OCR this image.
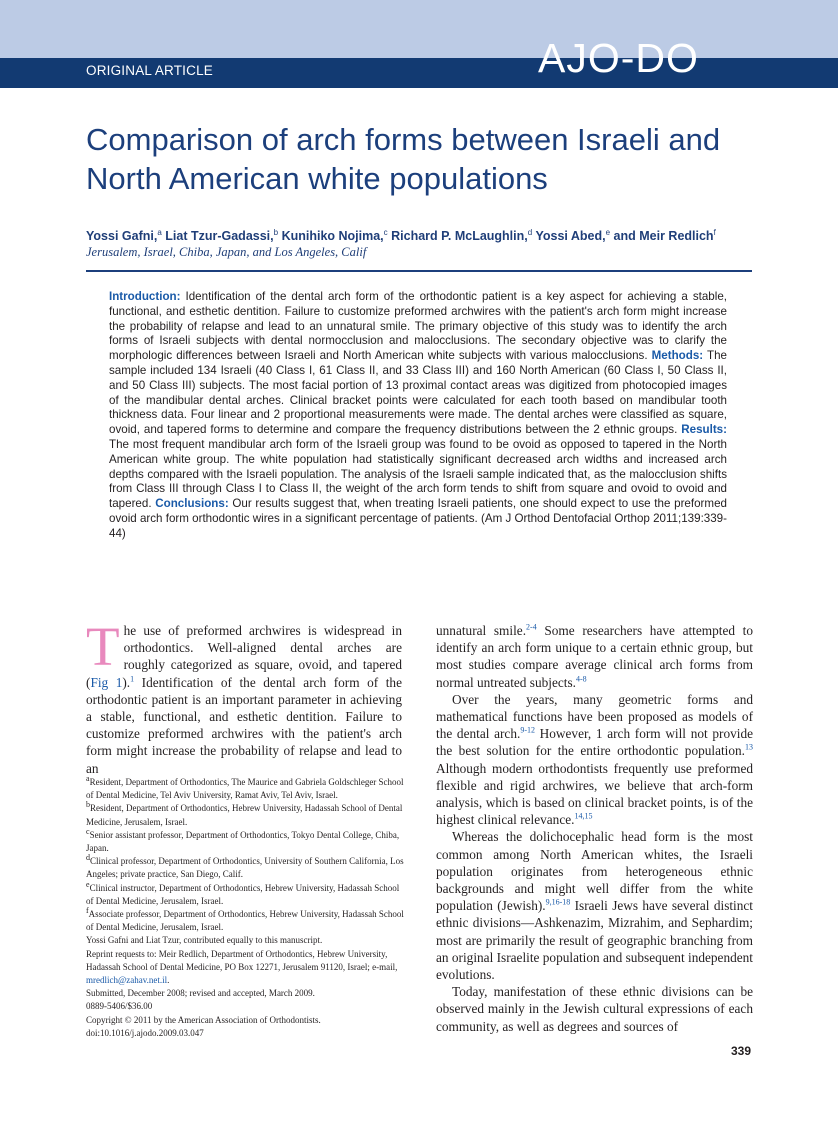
ORIGINAL ARTICLE	AJO-DO
Comparison of arch forms between Israeli and
North American white populations
Yossi Gafni,$^a$ Liat Tzur-Gadassi,$^b$ Kunihiko Nojima,$^c$ Richard P. McLaughlin,$^d$ Yossi Abed,$^e$ and Meir Redlich$^f$
Jerusalem, Israel, Chiba, Japan, and Los Angeles, Calif

Introduction: Identification of the dental arch form of the orthodontic patient is a key aspect for achieving a stable, functional, and esthetic dentition. Failure to customize preformed archwires with the patient's arch form might increase the probability of relapse and lead to an unnatural smile. The primary objective of this study was to identify the arch forms of Israeli subjects with dental normocclusion and malocclusions. The secondary objective was to clarify the morphologic differences between Israeli and North American white subjects with various malocclusions. Methods: The sample included 134 Israeli (40 Class I, 61 Class II, and 33 Class III) and 160 North American (60 Class I, 50 Class II, and 50 Class III) subjects. The most facial portion of 13 proximal contact areas was digitized from photocopied images of the mandibular dental arches. Clinical bracket points were calculated for each tooth based on mandibular tooth thickness data. Four linear and 2 proportional measurements were made. The dental arches were classified as square, ovoid, and tapered forms to determine and compare the frequency distributions between the 2 ethnic groups. Results: The most frequent mandibular arch form of the Israeli group was found to be ovoid as opposed to tapered in the North American white group. The white population had statistically significant decreased arch widths and increased arch depths compared with the Israeli population. The analysis of the Israeli sample indicated that, as the malocclusion shifts from Class III through Class I to Class II, the weight of the arch form tends to shift from square and ovoid to ovoid and tapered. Conclusions: Our results suggest that, when treating Israeli patients, one should expect to use the preformed ovoid arch form orthodontic wires in a significant percentage of patients. (Am J Orthod Dentofacial Orthop 2011;139:339-44)

The use of preformed archwires is widespread in orthodontics. Well-aligned dental arches are roughly categorized as square, ovoid, and tapered (Fig 1).$^1$ Identification of the dental arch form of the orthodontic patient is an important parameter in achieving a stable, functional, and esthetic dentition. Failure to customize preformed archwires with the patient's arch form might increase the probability of relapse and lead to an

$^a$Resident, Department of Orthodontics, The Maurice and Gabriela Goldschleger School of Dental Medicine, Tel Aviv University, Ramat Aviv, Tel Aviv, Israel.
$^b$Resident, Department of Orthodontics, Hebrew University, Hadassah School of Dental Medicine, Jerusalem, Israel.
$^c$Senior assistant professor, Department of Orthodontics, Tokyo Dental College, Chiba, Japan.
$^d$Clinical professor, Department of Orthodontics, University of Southern California, Los Angeles; private practice, San Diego, Calif.
$^e$Clinical instructor, Department of Orthodontics, Hebrew University, Hadassah School of Dental Medicine, Jerusalem, Israel.
$^f$Associate professor, Department of Orthodontics, Hebrew University, Hadassah School of Dental Medicine, Jerusalem, Israel.
Yossi Gafni and Liat Tzur, contributed equally to this manuscript.
Reprint requests to: Meir Redlich, Department of Orthodontics, Hebrew University, Hadassah School of Dental Medicine, PO Box 12271, Jerusalem 91120, Israel; e-mail, mredlich@zahav.net.il.
Submitted, December 2008; revised and accepted, March 2009.
0889-5406/$36.00
Copyright © 2011 by the American Association of Orthodontists.
doi:10.1016/j.ajodo.2009.03.047

unnatural smile.$^{2-4}$ Some researchers have attempted to identify an arch form unique to a certain ethnic group, but most studies compare average clinical arch forms from normal untreated subjects.$^{4-8}$

Over the years, many geometric forms and mathematical functions have been proposed as models of the dental arch.$^{9-12}$ However, 1 arch form will not provide the best solution for the entire orthodontic population.$^{13}$ Although modern orthodontists frequently use preformed flexible and rigid archwires, we believe that arch-form analysis, which is based on clinical bracket points, is of the highest clinical relevance.$^{14,15}$

Whereas the dolichocephalic head form is the most common among North American whites, the Israeli population originates from heterogeneous ethnic backgrounds and might well differ from the white population (Jewish).$^{9,16-18}$ Israeli Jews have several distinct ethnic divisions—Ashkenazim, Mizrahim, and Sephardim; most are primarily the result of geographic branching from an original Israelite population and subsequent independent evolutions.

Today, manifestation of these ethnic divisions can be observed mainly in the Jewish cultural expressions of each community, as well as degrees and sources of

339
